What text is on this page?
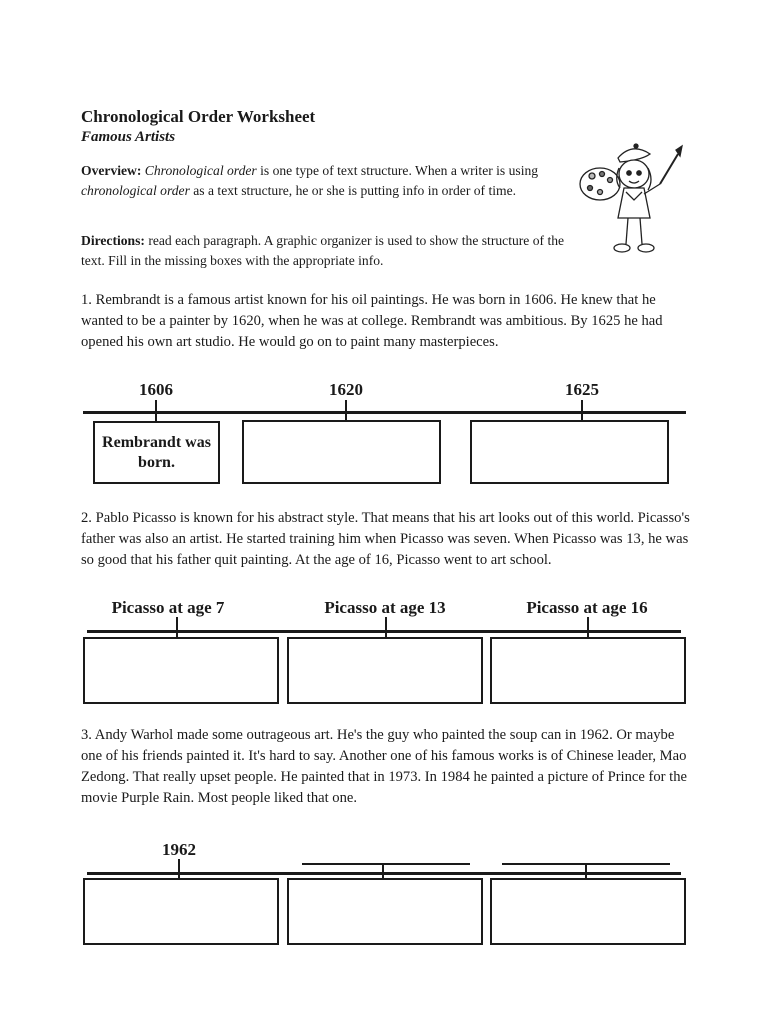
Chronological Order Worksheet
Famous Artists
Overview: Chronological order is one type of text structure. When a writer is using chronological order as a text structure, he or she is putting info in order of time.
Directions: read each paragraph. A graphic organizer is used to show the structure of the text. Fill in the missing boxes with the appropriate info.
1. Rembrandt is a famous artist known for his oil paintings. He was born in 1606. He knew that he wanted to be a painter by 1620, when he was at college. Rembrandt was ambitious. By 1625 he had opened his own art studio. He would go on to paint many masterpieces.
1606	1620	1625
Rembrandt was born.
2. Pablo Picasso is known for his abstract style. That means that his art looks out of this world. Picasso's father was also an artist. He started training him when Picasso was seven. When Picasso was 13, he was so good that his father quit painting. At the age of 16, Picasso went to art school.
Picasso at age 7	Picasso at age 13	Picasso at age 16
3. Andy Warhol made some outrageous art. He's the guy who painted the soup can in 1962. Or maybe one of his friends painted it. It's hard to say. Another one of his famous works is of Chinese leader, Mao Zedong. That really upset people. He painted that in 1973. In 1984 he painted a picture of Prince for the movie Purple Rain. Most people liked that one.
1962
